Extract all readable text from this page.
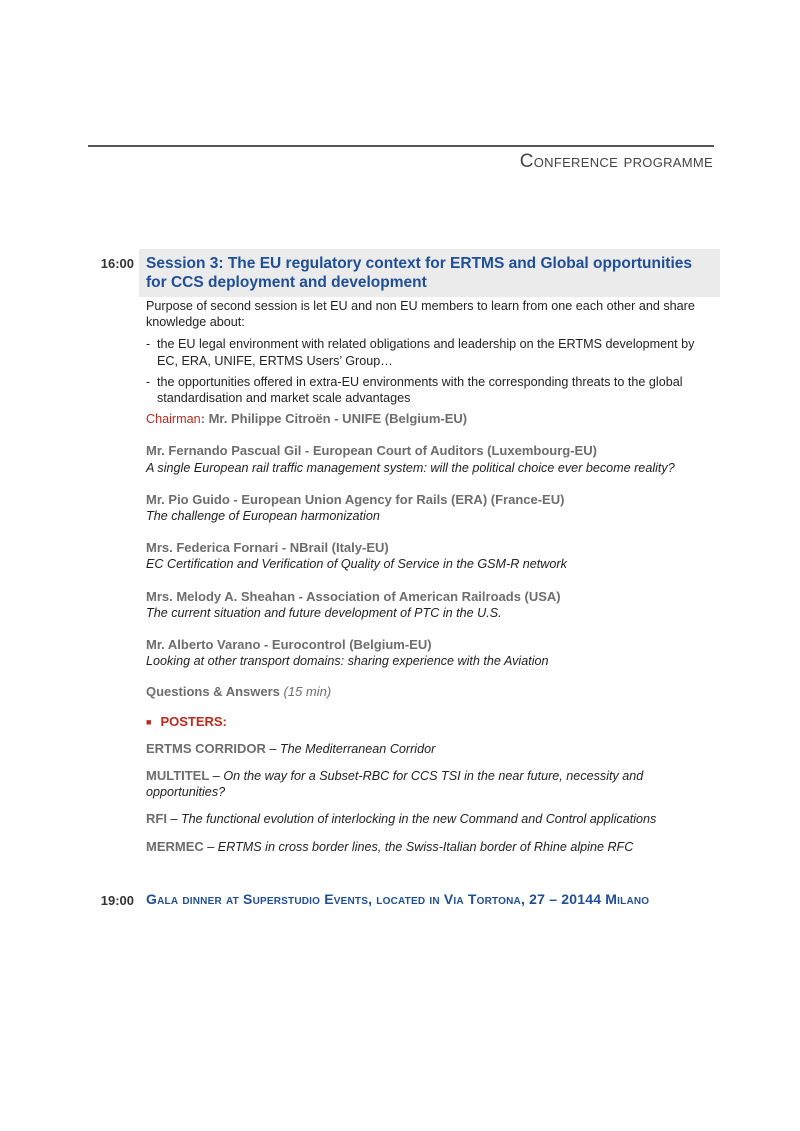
Conference programme
16:00 Session 3: The EU regulatory context for ERTMS and Global opportunities for CCS deployment and development

Purpose of second session is let EU and non EU members to learn from one each other and share knowledge about:

- the EU legal environment with related obligations and leadership on the ERTMS development by EC, ERA, UNIFE, ERTMS Users’ Group…
- the opportunities offered in extra-EU environments with the corresponding threats to the global standardisation and market scale advantages

Chairman: Mr. Philippe Citroën - UNIFE (Belgium-EU)

Mr. Fernando Pascual Gil - European Court of Auditors (Luxembourg-EU)

A single European rail traffic management system: will the political choice ever become reality?

Mr. Pio Guido - European Union Agency for Rails (ERA) (France-EU)

The challenge of European harmonization

Mrs. Federica Fornari - NBrail (Italy-EU)

EC Certification and Verification of Quality of Service in the GSM-R network

Mrs. Melody A. Sheahan - Association of American Railroads (USA)

The current situation and future development of PTC in the U.S.

Mr. Alberto Varano - Eurocontrol (Belgium-EU)

Looking at other transport domains: sharing experience with the Aviation

Questions & Answers (15 min)

■ POSTERS:

ERTMS CORRIDOR – The Mediterranean Corridor

MULTITEL – On the way for a Subset-RBC for CCS TSI in the near future, necessity and opportunities?

RFI – The functional evolution of interlocking in the new Command and Control applications

MERMEC – ERTMS in cross border lines, the Swiss-Italian border of Rhine alpine RFC

19:00 Gala dinner at Superstudio Events, located in Via Tortona, 27 – 20144 Milano
